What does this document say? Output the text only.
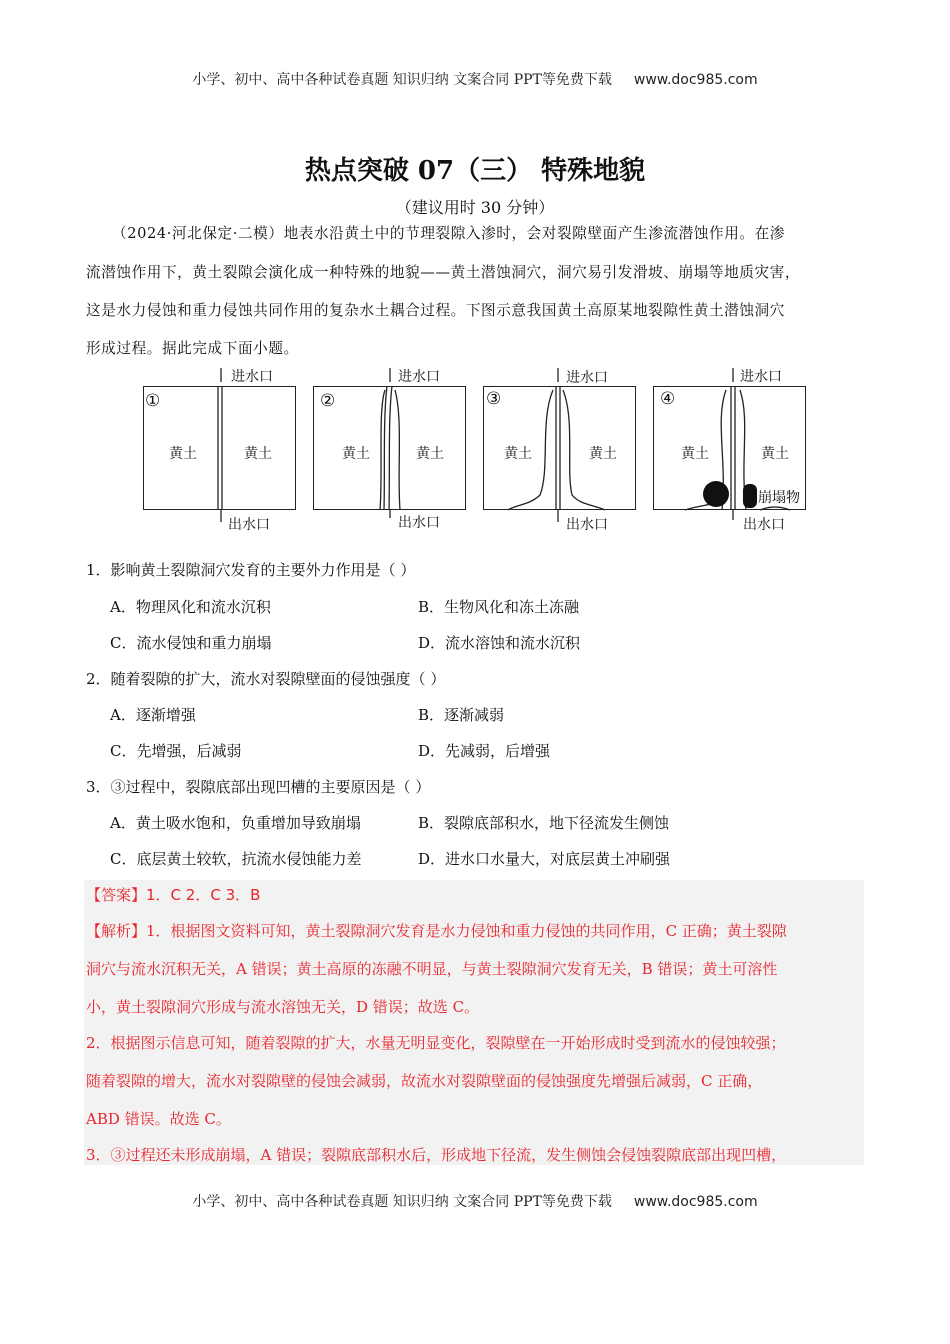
小学、初中、高中各种试卷真题 知识归纳 文案合同 PPT等免费下载 www.doc985.com
热点突破 07（三） 特殊地貌
（建议用时 30 分钟）
（2024·河北保定·二模）地表水沿黄土中的节理裂隙入渗时，会对裂隙壁面产生渗流潜蚀作用。在渗
流潜蚀作用下，黄土裂隙会演化成一种特殊的地貌——黄土潜蚀洞穴，洞穴易引发滑坡、崩塌等地质灾害，
这是水力侵蚀和重力侵蚀共同作用的复杂水土耦合过程。下图示意我国黄土高原某地裂隙性黄土潜蚀洞穴
形成过程。据此完成下面小题。
①	②	③	④
进水口	进水口	进水口	进水口
出水口	出水口	出水口	出水口
黄土	黄土	黄土	黄土	黄土	黄土	黄土	黄土
崩塌物
1．影响黄土裂隙洞穴发育的主要外力作用是（ ）
A．物理风化和流水沉积	B．生物风化和冻土冻融
C．流水侵蚀和重力崩塌	D．流水溶蚀和流水沉积
2．随着裂隙的扩大，流水对裂隙壁面的侵蚀强度（ ）
A．逐渐增强	B．逐渐减弱
C．先增强，后减弱	D．先减弱，后增强
3．③过程中，裂隙底部出现凹槽的主要原因是（ ）
A．黄土吸水饱和，负重增加导致崩塌	B．裂隙底部积水，地下径流发生侧蚀
C．底层黄土较软，抗流水侵蚀能力差	D．进水口水量大，对底层黄土冲刷强
【答案】1．C 2．C 3．B
【解析】1．根据图文资料可知，黄土裂隙洞穴发育是水力侵蚀和重力侵蚀的共同作用，C 正确；黄土裂隙
洞穴与流水沉积无关，A 错误；黄土高原的冻融不明显，与黄土裂隙洞穴发育无关，B 错误；黄土可溶性
小，黄土裂隙洞穴形成与流水溶蚀无关，D 错误；故选 C。
2．根据图示信息可知，随着裂隙的扩大，水量无明显变化，裂隙壁在一开始形成时受到流水的侵蚀较强；
随着裂隙的增大，流水对裂隙壁的侵蚀会减弱，故流水对裂隙壁面的侵蚀强度先增强后减弱，C 正确，
ABD 错误。故选 C。
3．③过程还未形成崩塌，A 错误；裂隙底部积水后，形成地下径流，发生侧蚀会侵蚀裂隙底部出现凹槽，
小学、初中、高中各种试卷真题 知识归纳 文案合同 PPT等免费下载 www.doc985.com
